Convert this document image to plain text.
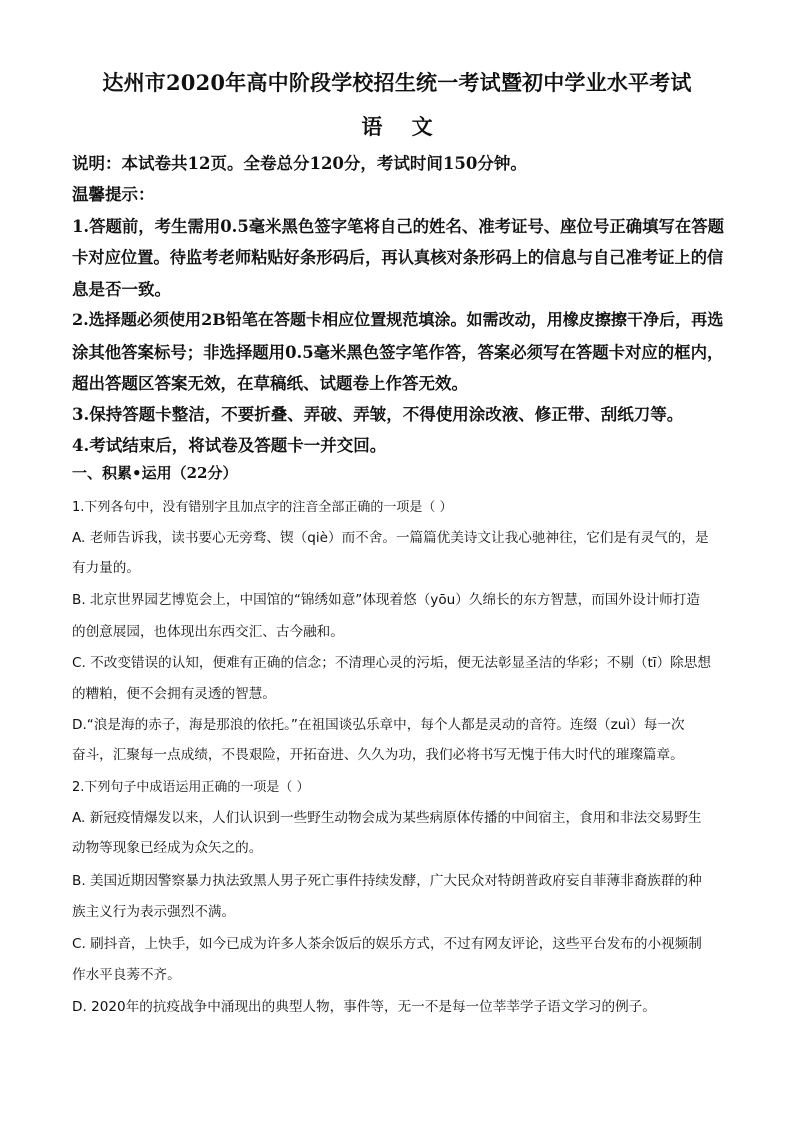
达州市2020年高中阶段学校招生统一考试暨初中学业水平考试
语    文
说明：本试卷共12页。全卷总分120分，考试时间150分钟。
温馨提示：
1.答题前，考生需用0.5毫米黑色签字笔将自己的姓名、准考证号、座位号正确填写在答题
卡对应位置。待监考老师粘贴好条形码后，再认真核对条形码上的信息与自己准考证上的信
息是否一致。
2.选择题必须使用2B铅笔在答题卡相应位置规范填涂。如需改动，用橡皮擦擦干净后，再选
涂其他答案标号；非选择题用0.5毫米黑色签字笔作答，答案必须写在答题卡对应的框内，
超出答题区答案无效，在草稿纸、试题卷上作答无效。
3.保持答题卡整洁，不要折叠、弄破、弄皱，不得使用涂改液、修正带、刮纸刀等。
4.考试结束后，将试卷及答题卡一并交回。
一、积累•运用（22分）
1.下列各句中，没有错别字且加点字的注音全部正确的一项是（ ）
A. 老师告诉我，读书要心无旁骛、锲（qiè）而不舍。一篇篇优美诗文让我心驰神往，它们是有灵气的，是
有力量的。
B. 北京世界园艺博览会上，中国馆的“锦绣如意”体现着悠（yōu）久绵长的东方智慧，而国外设计师打造
的创意展园，也体现出东西交汇、古今融和。
C. 不改变错误的认知，便难有正确的信念；不清理心灵的污垢，便无法彰显圣洁的华彩；不剔（tī）除思想
的糟粕，便不会拥有灵透的智慧。
D.“浪是海的赤子，海是那浪的依托。”在祖国谈弘乐章中，每个人都是灵动的音符。连缀（zuì）每一次
奋斗，汇聚每一点成绩，不畏艰险，开拓奋进、久久为功，我们必将书写无愧于伟大时代的璀璨篇章。
2.下列句子中成语运用正确的一项是（ ）
A. 新冠疫情爆发以来，人们认识到一些野生动物会成为某些病原体传播的中间宿主，食用和非法交易野生
动物等现象已经成为众矢之的。
B. 美国近期因警察暴力执法致黑人男子死亡事件持续发酵，广大民众对特朗普政府妄自菲薄非裔族群的种
族主义行为表示强烈不满。
C. 刷抖音，上快手，如今已成为许多人茶余饭后的娱乐方式，不过有网友评论，这些平台发布的小视频制
作水平良莠不齐。
D. 2020年的抗疫战争中涌现出的典型人物，事件等，无一不是每一位莘莘学子语文学习的例子。
